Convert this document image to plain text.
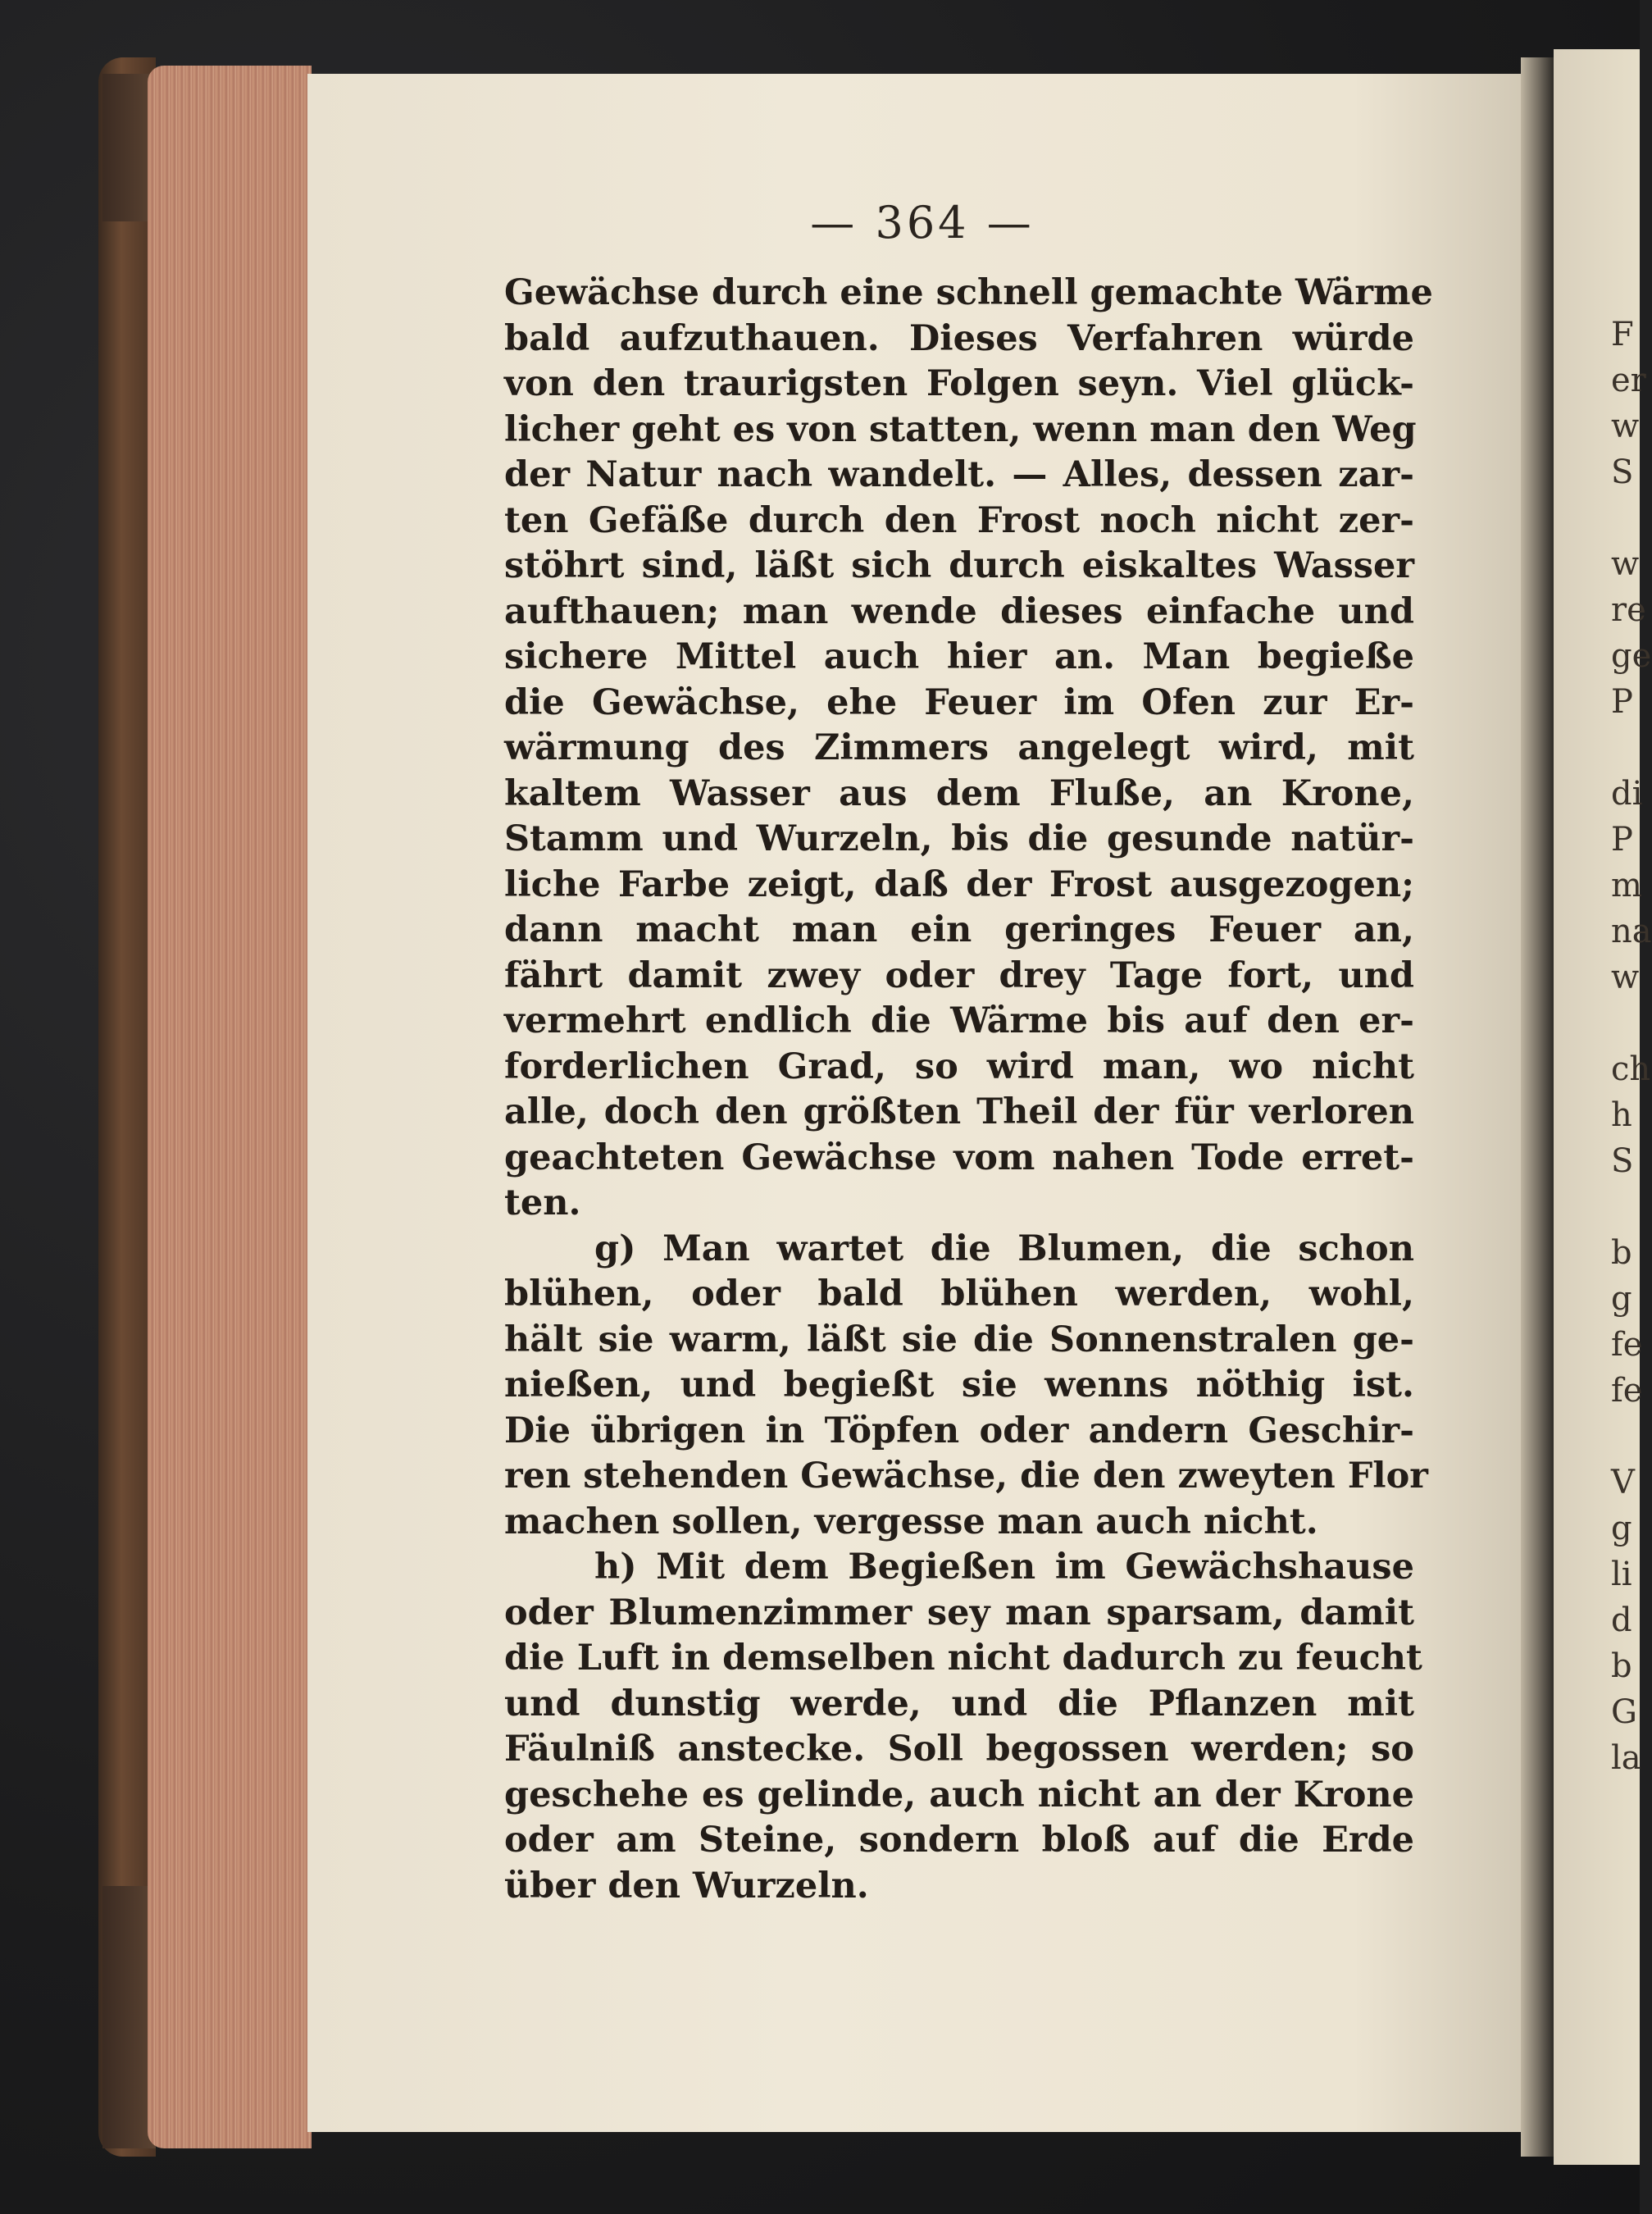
— 364 —
Gewächse durch eine schnell gemachte Wärme
bald aufzuthauen. Dieses Verfahren würde
von den traurigsten Folgen seyn. Viel glück-
licher geht es von statten, wenn man den Weg
der Natur nach wandelt. — Alles, dessen zar-
ten Gefäße durch den Frost noch nicht zer-
stöhrt sind, läßt sich durch eiskaltes Wasser
aufthauen; man wende dieses einfache und
sichere Mittel auch hier an. Man begieße
die Gewächse, ehe Feuer im Ofen zur Er-
wärmung des Zimmers angelegt wird, mit
kaltem Wasser aus dem Fluße, an Krone,
Stamm und Wurzeln, bis die gesunde natür-
liche Farbe zeigt, daß der Frost ausgezogen;
dann macht man ein geringes Feuer an,
fährt damit zwey oder drey Tage fort, und
vermehrt endlich die Wärme bis auf den er-
forderlichen Grad, so wird man, wo nicht
alle, doch den größten Theil der für verloren
geachteten Gewächse vom nahen Tode erret-
ten.
g) Man wartet die Blumen, die schon
blühen, oder bald blühen werden, wohl,
hält sie warm, läßt sie die Sonnenstralen ge-
nießen, und begießt sie wenns nöthig ist.
Die übrigen in Töpfen oder andern Geschir-
ren stehenden Gewächse, die den zweyten Flor
machen sollen, vergesse man auch nicht.
h) Mit dem Begießen im Gewächshause
oder Blumenzimmer sey man sparsam, damit
die Luft in demselben nicht dadurch zu feucht
und dunstig werde, und die Pflanzen mit
Fäulniß anstecke. Soll begossen werden; so
geschehe es gelinde, auch nicht an der Krone
oder am Steine, sondern bloß auf die Erde
über den Wurzeln.
F
er
w
S
w
re
ge
P
di
P
m
na
w
ch
h
S
b
g
fe
fe
V
g
li
d
b
G
la
